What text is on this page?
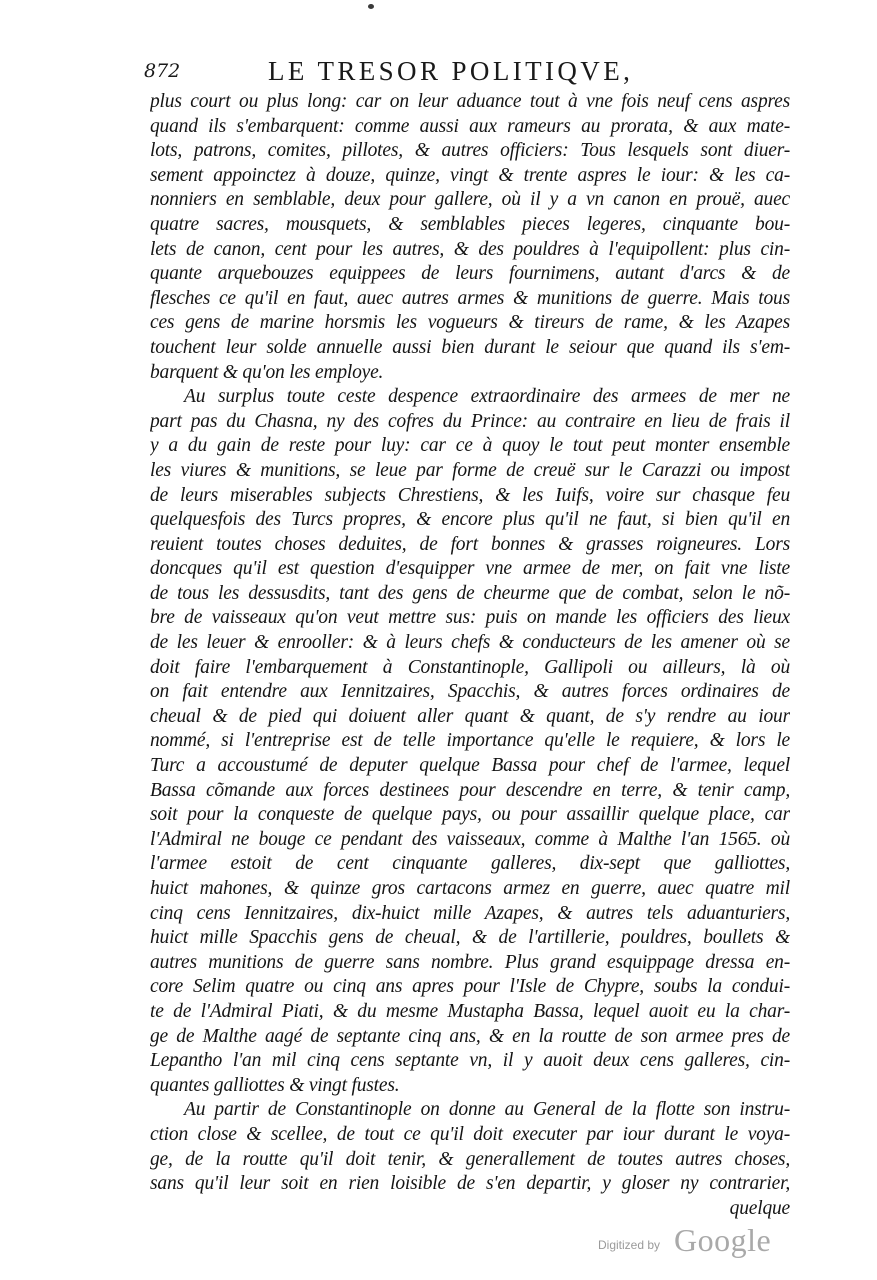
872	LE TRESOR POLITIQVE,
plus court ou plus long: car on leur aduance tout à vne fois neuf cens aspres
quand ils s'embarquent: comme aussi aux rameurs au prorata, & aux mate-
lots, patrons, comites, pillotes, & autres officiers: Tous lesquels sont diuer-
sement appoinctez à douze, quinze, vingt & trente aspres le iour: & les ca-
nonniers en semblable, deux pour gallere, où il y a vn canon en prouë, auec
quatre sacres, mousquets, & semblables pieces legeres, cinquante bou-
lets de canon, cent pour les autres, & des pouldres à l'equipollent: plus cin-
quante arquebouzes equippees de leurs fournimens, autant d'arcs & de
flesches ce qu'il en faut, auec autres armes & munitions de guerre. Mais tous
ces gens de marine horsmis les vogueurs & tireurs de rame, & les Azapes
touchent leur solde annuelle aussi bien durant le seiour que quand ils s'em-
barquent & qu'on les employe.
Au surplus toute ceste despence extraordinaire des armees de mer ne
part pas du Chasna, ny des cofres du Prince: au contraire en lieu de frais il
y a du gain de reste pour luy: car ce à quoy le tout peut monter ensemble
les viures & munitions, se leue par forme de creuë sur le Carazzi ou impost
de leurs miserables subjects Chrestiens, & les Iuifs, voire sur chasque feu
quelquesfois des Turcs propres, & encore plus qu'il ne faut, si bien qu'il en
reuient toutes choses deduites, de fort bonnes & grasses roigneures. Lors
doncques qu'il est question d'esquipper vne armee de mer, on fait vne liste
de tous les dessusdits, tant des gens de cheurme que de combat, selon le nõ-
bre de vaisseaux qu'on veut mettre sus: puis on mande les officiers des lieux
de les leuer & enrooller: & à leurs chefs & conducteurs de les amener où se
doit faire l'embarquement à Constantinople, Gallipoli ou ailleurs, là où
on fait entendre aux Iennitzaires, Spacchis, & autres forces ordinaires de
cheual & de pied qui doiuent aller quant & quant, de s'y rendre au iour
nommé, si l'entreprise est de telle importance qu'elle le requiere, & lors le
Turc a accoustumé de deputer quelque Bassa pour chef de l'armee, lequel
Bassa cõmande aux forces destinees pour descendre en terre, & tenir camp,
soit pour la conqueste de quelque pays, ou pour assaillir quelque place, car
l'Admiral ne bouge ce pendant des vaisseaux, comme à Malthe l'an 1565. où
l'armee estoit de cent cinquante galleres, dix-sept que galliottes,
huict mahones, & quinze gros cartacons armez en guerre, auec quatre mil
cinq cens Iennitzaires, dix-huict mille Azapes, & autres tels aduanturiers,
huict mille Spacchis gens de cheual, & de l'artillerie, pouldres, boullets &
autres munitions de guerre sans nombre. Plus grand esquippage dressa en-
core Selim quatre ou cinq ans apres pour l'Isle de Chypre, soubs la condui-
te de l'Admiral Piati, & du mesme Mustapha Bassa, lequel auoit eu la char-
ge de Malthe aagé de septante cinq ans, & en la routte de son armee pres de
Lepantho l'an mil cinq cens septante vn, il y auoit deux cens galleres, cin-
quantes galliottes & vingt fustes.
Au partir de Constantinople on donne au General de la flotte son instru-
ction close & scellee, de tout ce qu'il doit executer par iour durant le voya-
ge, de la routte qu'il doit tenir, & generallement de toutes autres choses,
sans qu'il leur soit en rien loisible de s'en departir, y gloser ny contrarier,
quelque
Digitized by Google
